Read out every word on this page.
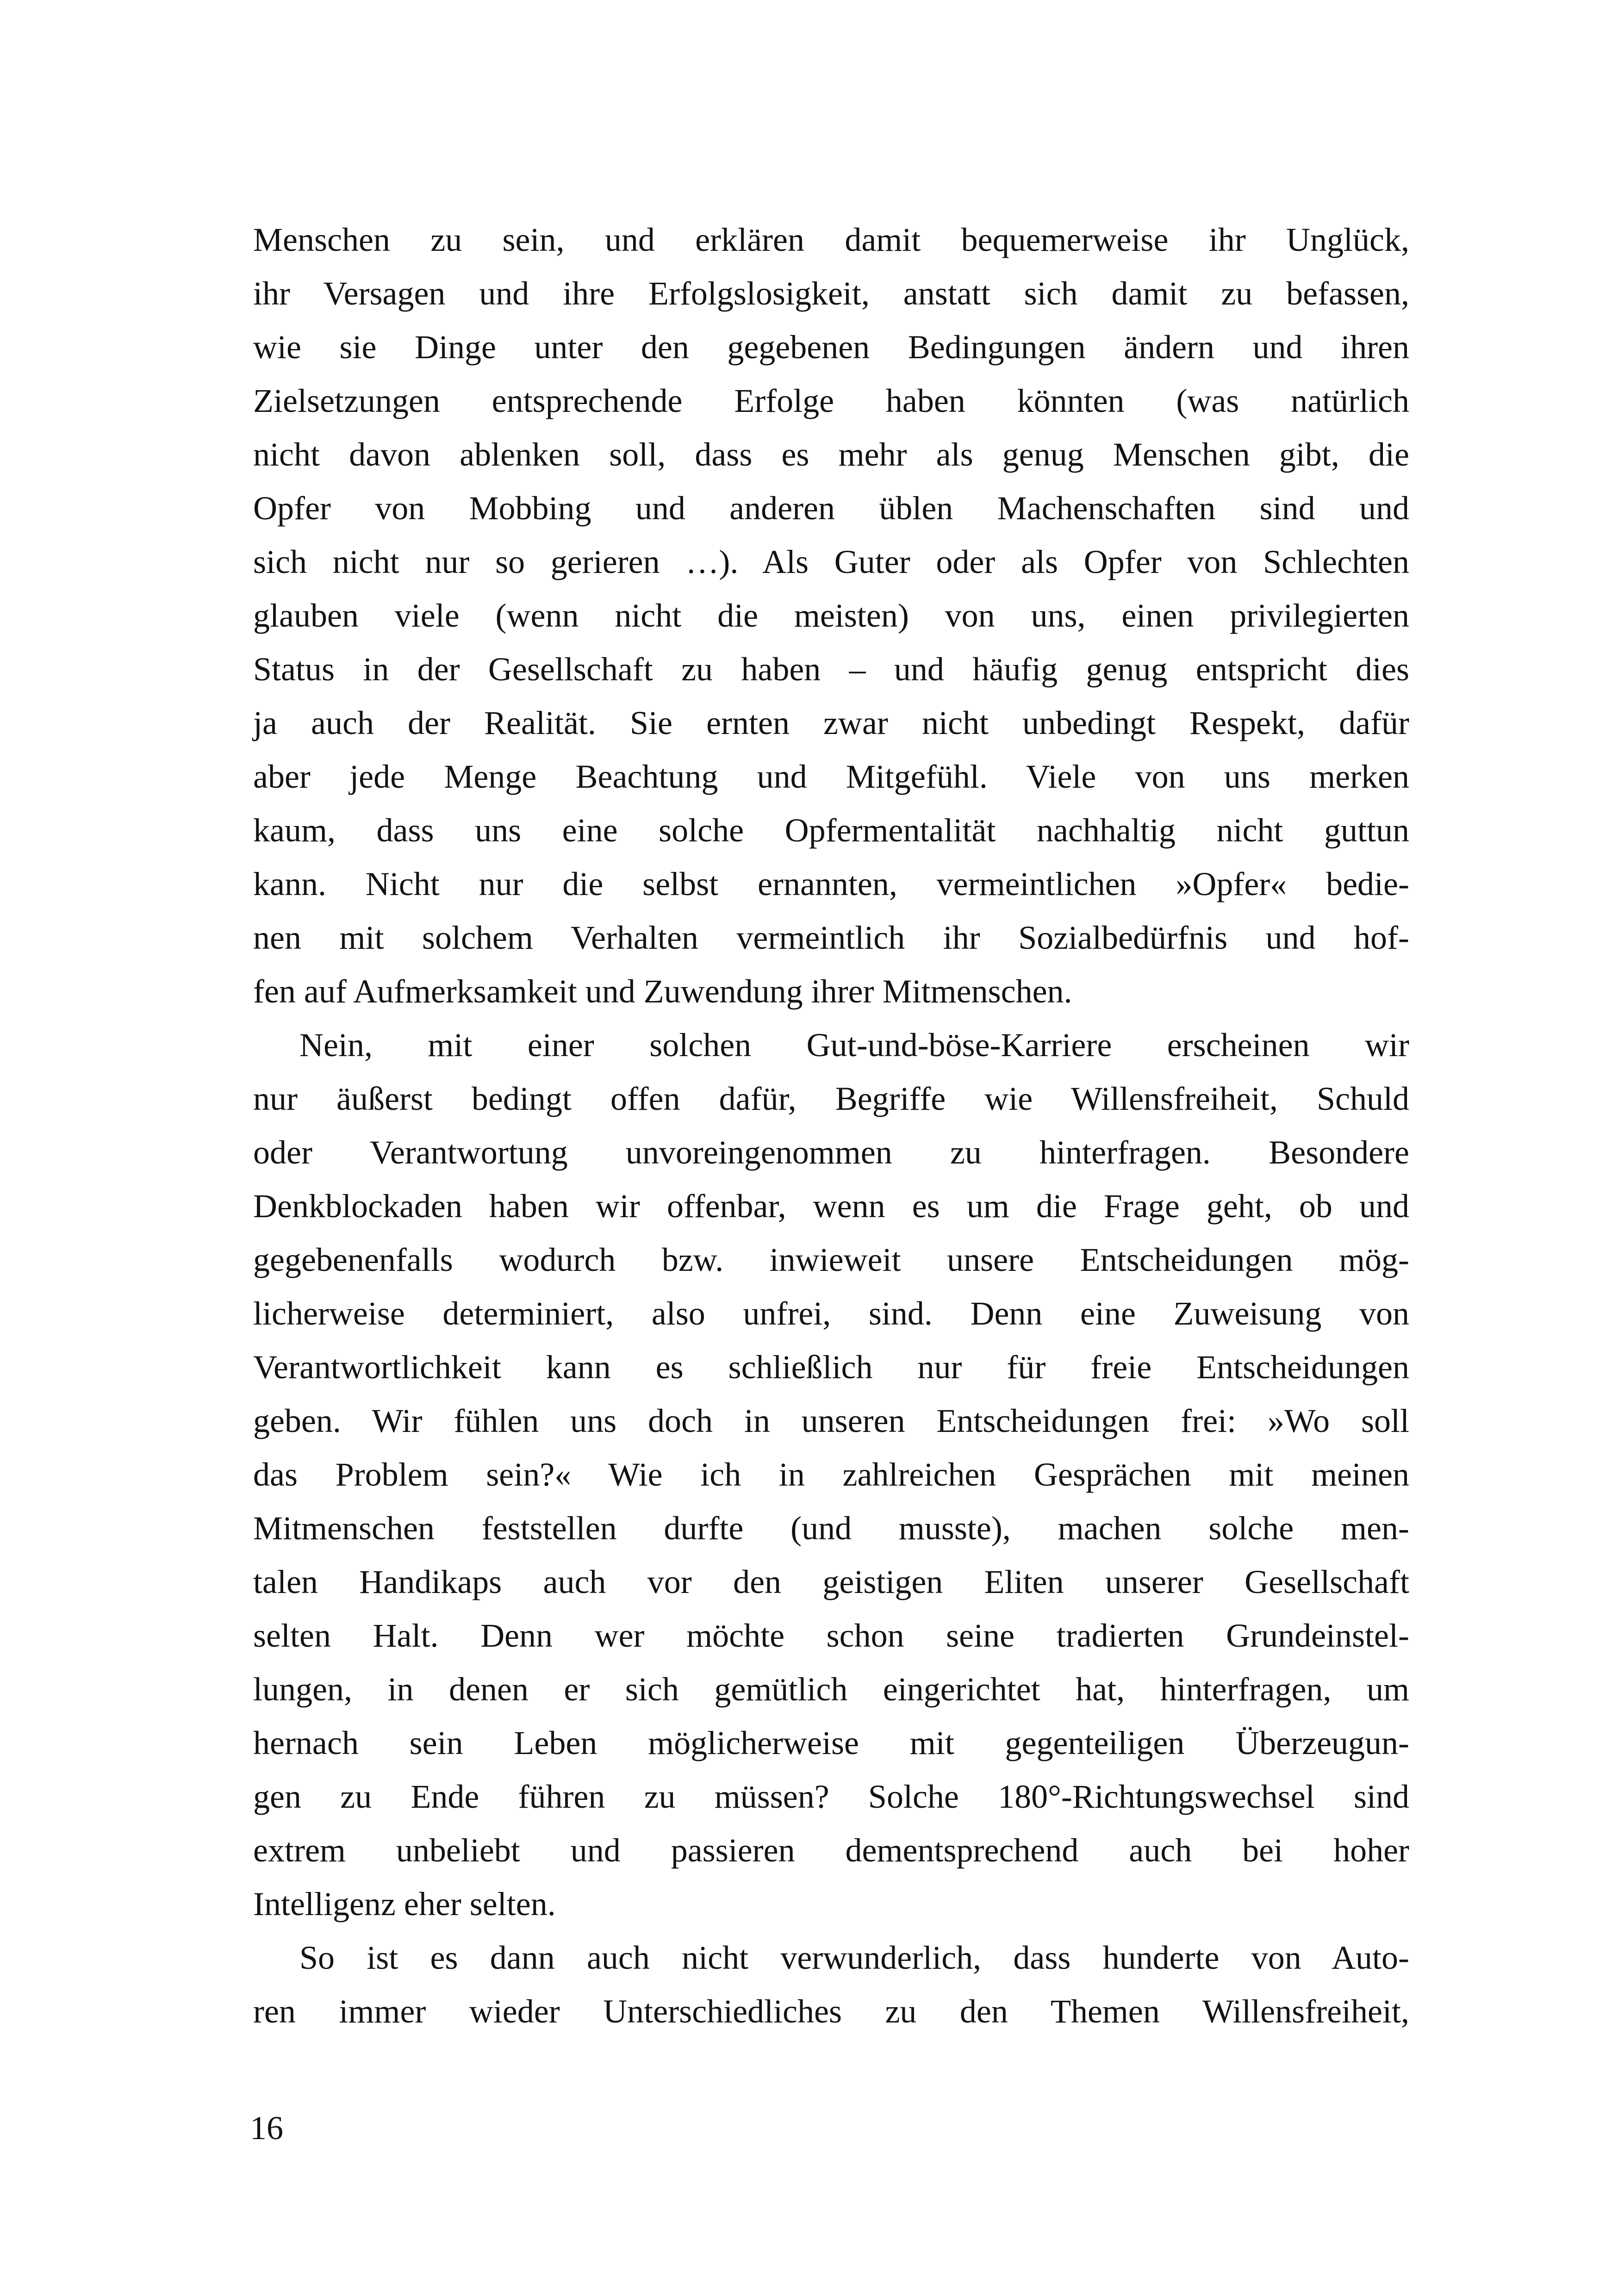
Menschen zu sein, und erklären damit bequemerweise ihr Unglück,
ihr Versagen und ihre Erfolgslosigkeit, anstatt sich damit zu befassen,
wie sie Dinge unter den gegebenen Bedingungen ändern und ihren
Zielsetzungen entsprechende Erfolge haben könnten (was natürlich
nicht davon ablenken soll, dass es mehr als genug Menschen gibt, die
Opfer von Mobbing und anderen üblen Machenschaften sind und
sich nicht nur so gerieren …). Als Guter oder als Opfer von Schlechten
glauben viele (wenn nicht die meisten) von uns, einen privilegierten
Status in der Gesellschaft zu haben – und häufig genug entspricht dies
ja auch der Realität. Sie ernten zwar nicht unbedingt Respekt, dafür
aber jede Menge Beachtung und Mitgefühl. Viele von uns merken
kaum, dass uns eine solche Opfermentalität nachhaltig nicht guttun
kann. Nicht nur die selbst ernannten, vermeintlichen »Opfer« bedie-
nen mit solchem Verhalten vermeintlich ihr Sozialbedürfnis und hof-
fen auf Aufmerksamkeit und Zuwendung ihrer Mitmenschen.
Nein, mit einer solchen Gut-und-böse-Karriere erscheinen wir
nur äußerst bedingt offen dafür, Begriffe wie Willensfreiheit, Schuld
oder Verantwortung unvoreingenommen zu hinterfragen. Besondere
Denkblockaden haben wir offenbar, wenn es um die Frage geht, ob und
gegebenenfalls wodurch bzw. inwieweit unsere Entscheidungen mög-
licherweise determiniert, also unfrei, sind. Denn eine Zuweisung von
Verantwortlichkeit kann es schließlich nur für freie Entscheidungen
geben. Wir fühlen uns doch in unseren Entscheidungen frei: »Wo soll
das Problem sein?« Wie ich in zahlreichen Gesprächen mit meinen
Mitmenschen feststellen durfte (und musste), machen solche men-
talen Handikaps auch vor den geistigen Eliten unserer Gesellschaft
selten Halt. Denn wer möchte schon seine tradierten Grundeinstel-
lungen, in denen er sich gemütlich eingerichtet hat, hinterfragen, um
hernach sein Leben möglicherweise mit gegenteiligen Überzeugun-
gen zu Ende führen zu müssen? Solche 180°-Richtungswechsel sind
extrem unbeliebt und passieren dementsprechend auch bei hoher
Intelligenz eher selten.
So ist es dann auch nicht verwunderlich, dass hunderte von Auto-
ren immer wieder Unterschiedliches zu den Themen Willensfreiheit,
16
